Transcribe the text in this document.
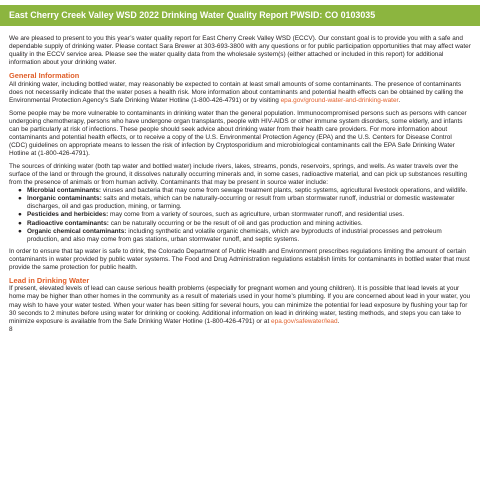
East Cherry Creek Valley WSD 2022 Drinking Water Quality Report PWSID: CO 0103035

We are pleased to present to you this year’s water quality report for East Cherry Creek Valley WSD (ECCV). Our constant goal is to provide you with a safe and dependable supply of drinking water. Please contact Sara Brewer at 303-693-3800 with any questions or for public participation opportunities that may affect water quality in the ECCV service area. Please see the water quality data from the wholesale system(s) (either attached or included in this report) for additional information about your drinking water.

General Information

All drinking water, including bottled water, may reasonably be expected to contain at least small amounts of some contaminants. The presence of contaminants does not necessarily indicate that the water poses a health risk. More information about contaminants and potential health effects can be obtained by calling the Environmental Protection Agency’s Safe Drinking Water Hotline (1-800-426-4791) or by visiting epa.gov/ground-water-and-drinking-water.

Some people may be more vulnerable to contaminants in drinking water than the general population. Immunocompromised persons such as persons with cancer undergoing chemotherapy, persons who have undergone organ transplants, people with HIV-AIDS or other immune system disorders, some elderly, and infants can be particularly at risk of infections. These people should seek advice about drinking water from their health care providers. For more information about contaminants and potential health effects, or to receive a copy of the U.S. Environmental Protection Agency (EPA) and the U.S. Centers for Disease Control (CDC) guidelines on appropriate means to lessen the risk of infection by Cryptosporidium and microbiological contaminants call the EPA Safe Drinking Water Hotline at (1-800-426-4791).

The sources of drinking water (both tap water and bottled water) include rivers, lakes, streams, ponds, reservoirs, springs, and wells. As water travels over the surface of the land or through the ground, it dissolves naturally occurring minerals and, in some cases, radioactive material, and can pick up substances resulting from the presence of animals or from human activity. Contaminants that may be present in source water include:

● Microbial contaminants: viruses and bacteria that may come from sewage treatment plants, septic systems, agricultural livestock operations, and wildlife.
● Inorganic contaminants: salts and metals, which can be naturally-occurring or result from urban stormwater runoff, industrial or domestic wastewater discharges, oil and gas production, mining, or farming.
● Pesticides and herbicides: may come from a variety of sources, such as agriculture, urban stormwater runoff, and residential uses.
● Radioactive contaminants: can be naturally occurring or be the result of oil and gas production and mining activities.
● Organic chemical contaminants: including synthetic and volatile organic chemicals, which are byproducts of industrial processes and petroleum production, and also may come from gas stations, urban stormwater runoff, and septic systems.

In order to ensure that tap water is safe to drink, the Colorado Department of Public Health and Environment prescribes regulations limiting the amount of certain contaminants in water provided by public water systems. The Food and Drug Administration regulations establish limits for contaminants in bottled water that must provide the same protection for public health.

Lead in Drinking Water

If present, elevated levels of lead can cause serious health problems (especially for pregnant women and young children). It is possible that lead levels at your home may be higher than other homes in the community as a result of materials used in your home’s plumbing. If you are concerned about lead in your water, you may wish to have your water tested. When your water has been sitting for several hours, you can minimize the potential for lead exposure by flushing your tap for 30 seconds to 2 minutes before using water for drinking or cooking. Additional information on lead in drinking water, testing methods, and steps you can take to minimize exposure is available from the Safe Drinking Water Hotline (1-800-426-4791) or at epa.gov/safewater/lead.

8
